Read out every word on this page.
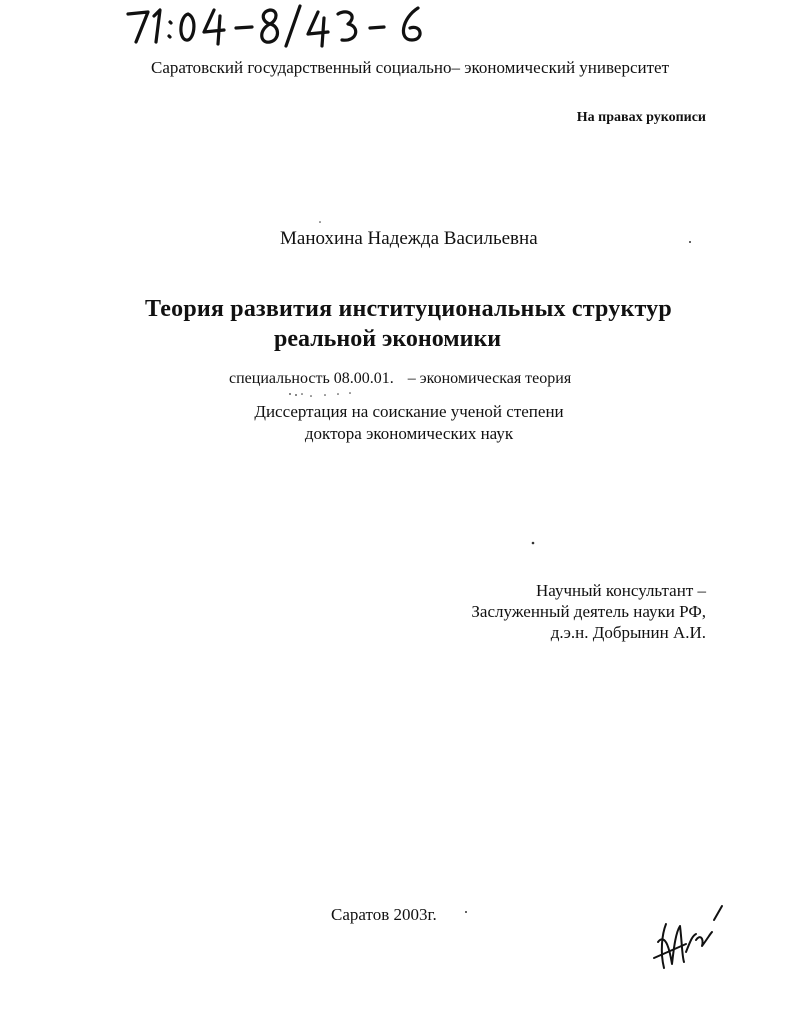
Саратовский государственный социально– экономический университет
На правах рукописи
Манохина Надежда Васильевна
Теория развития институциональных структур
реальной экономики
специальность 08.00.01. – экономическая теория
Диссертация на соискание ученой степени
доктора экономических наук
Научный консультант –
Заслуженный деятель науки РФ,
д.э.н. Добрынин А.И.
Саратов 2003г.
